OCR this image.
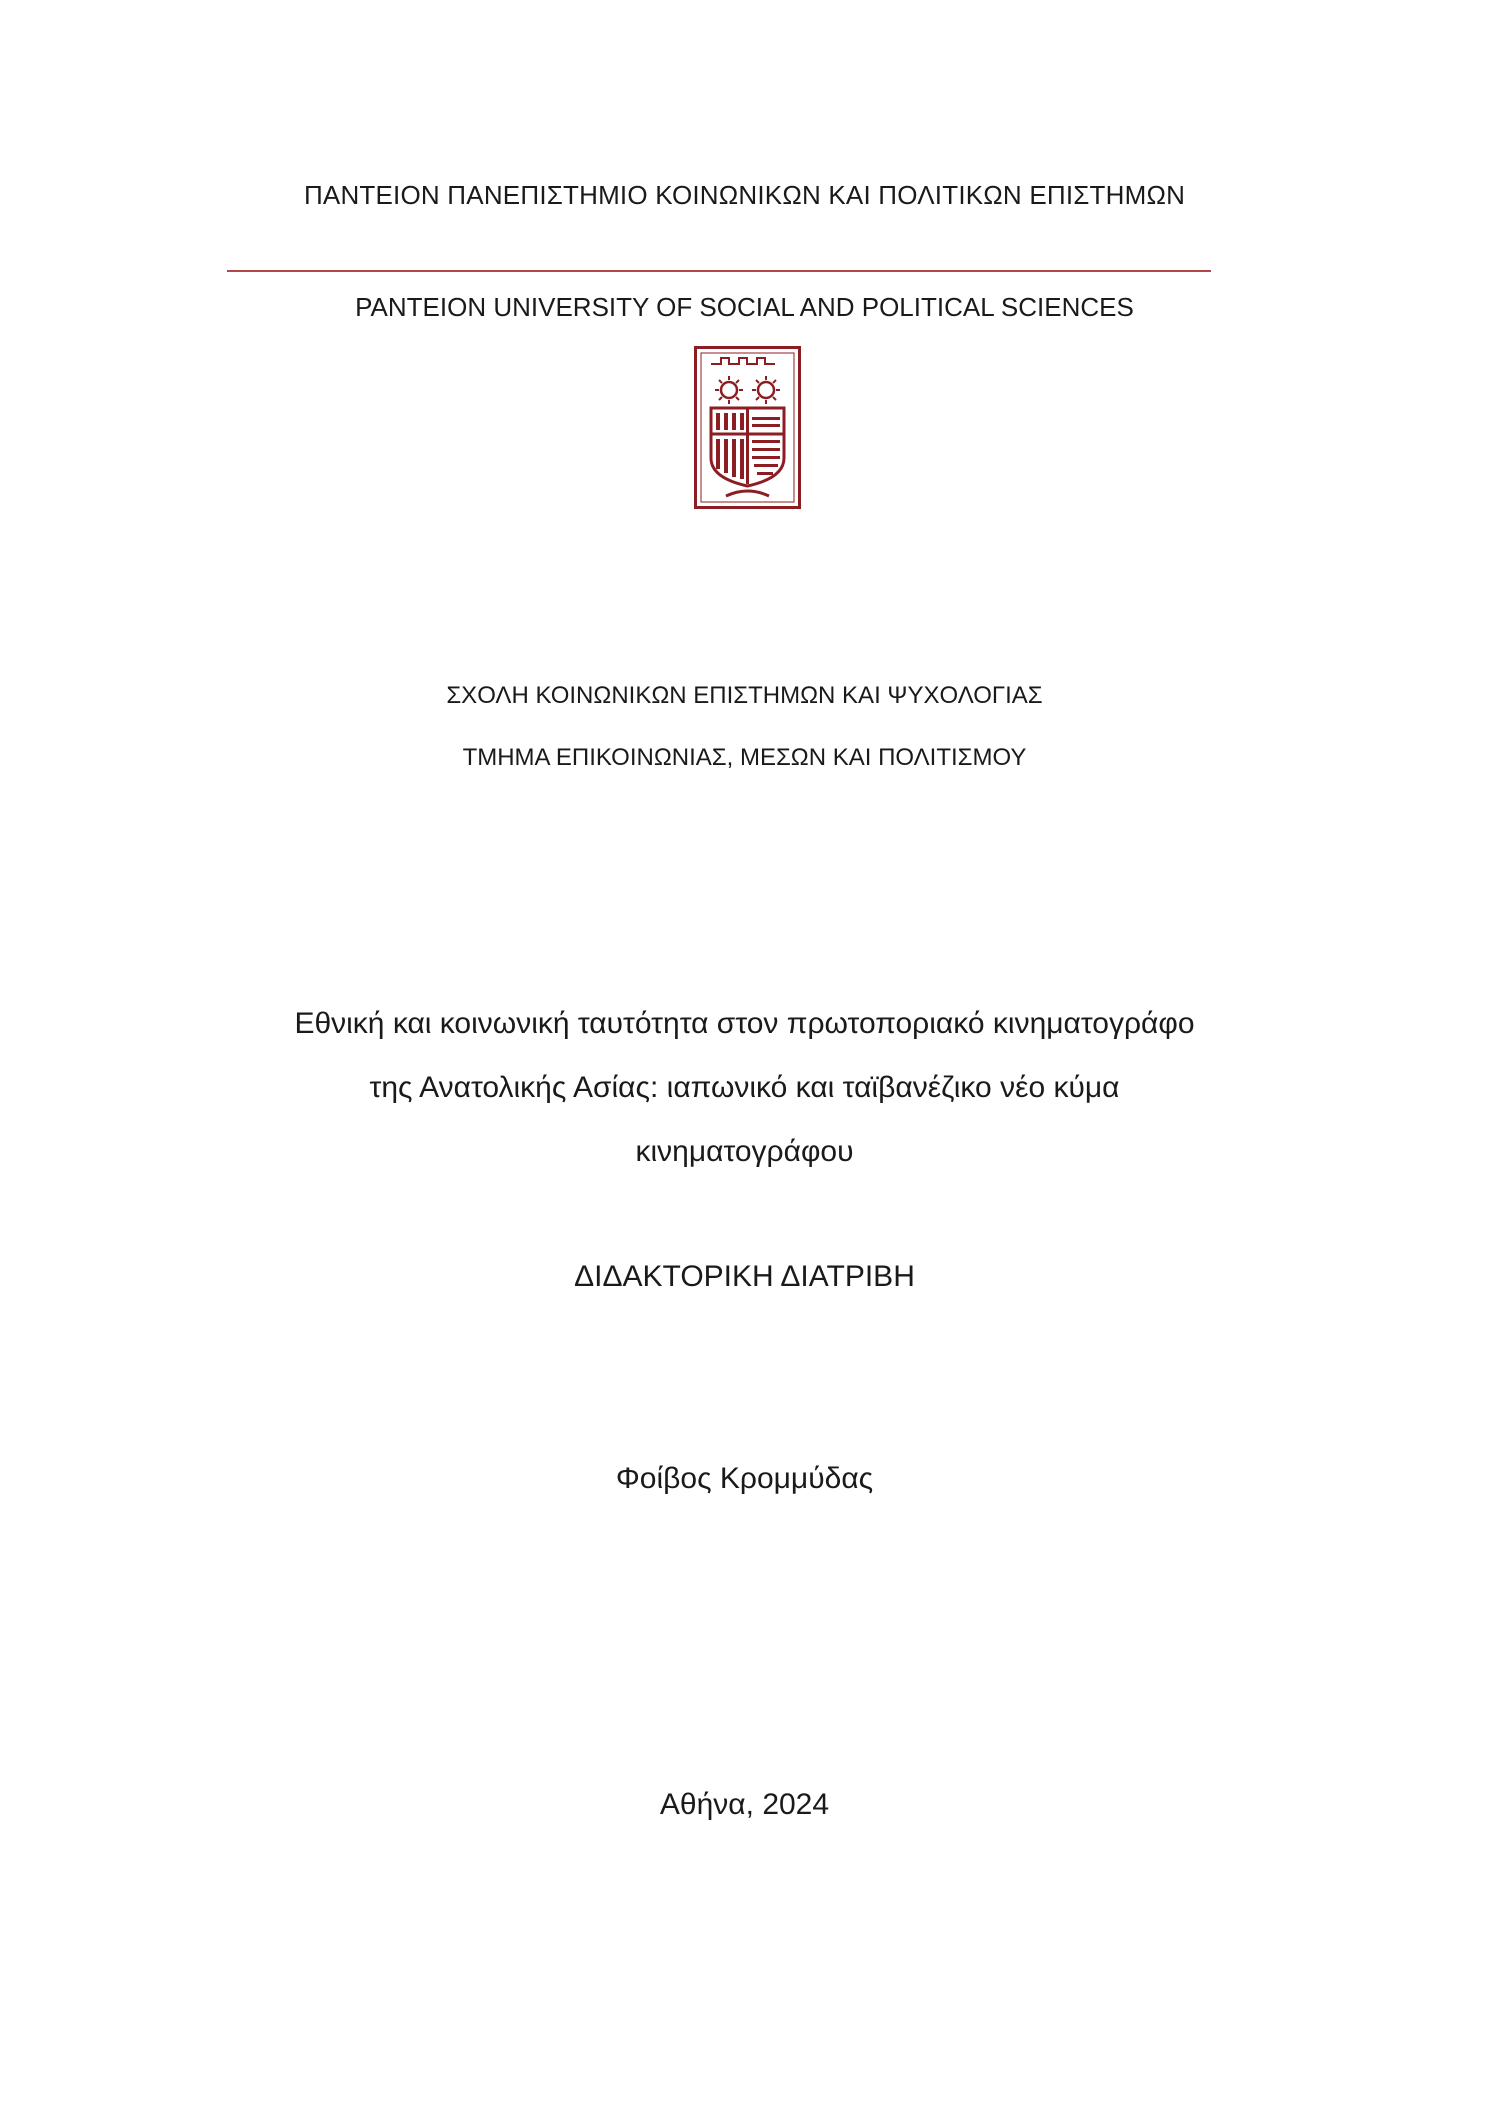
ΠΑΝΤΕΙΟΝ ΠΑΝΕΠΙΣΤΗΜΙΟ ΚΟΙΝΩΝΙΚΩΝ ΚΑΙ ΠΟΛΙΤΙΚΩΝ ΕΠΙΣΤΗΜΩΝ
PANTEION UNIVERSITY OF SOCIAL AND POLITICAL SCIENCES
ΣΧΟΛΗ ΚΟΙΝΩΝΙΚΩΝ ΕΠΙΣΤΗΜΩΝ ΚΑΙ ΨΥΧΟΛΟΓΙΑΣ
ΤΜΗΜΑ ΕΠΙΚΟΙΝΩΝΙΑΣ, ΜΕΣΩΝ ΚΑΙ ΠΟΛΙΤΙΣΜΟΥ
Εθνική και κοινωνική ταυτότητα στον πρωτοποριακό κινηματογράφο
της Ανατολικής Ασίας: ιαπωνικό και ταϊβανέζικο νέο κύμα
κινηματογράφου
ΔΙΔΑΚΤΟΡΙΚΗ ΔΙΑΤΡΙΒΗ
Φοίβος Κρομμύδας
Αθήνα, 2024
